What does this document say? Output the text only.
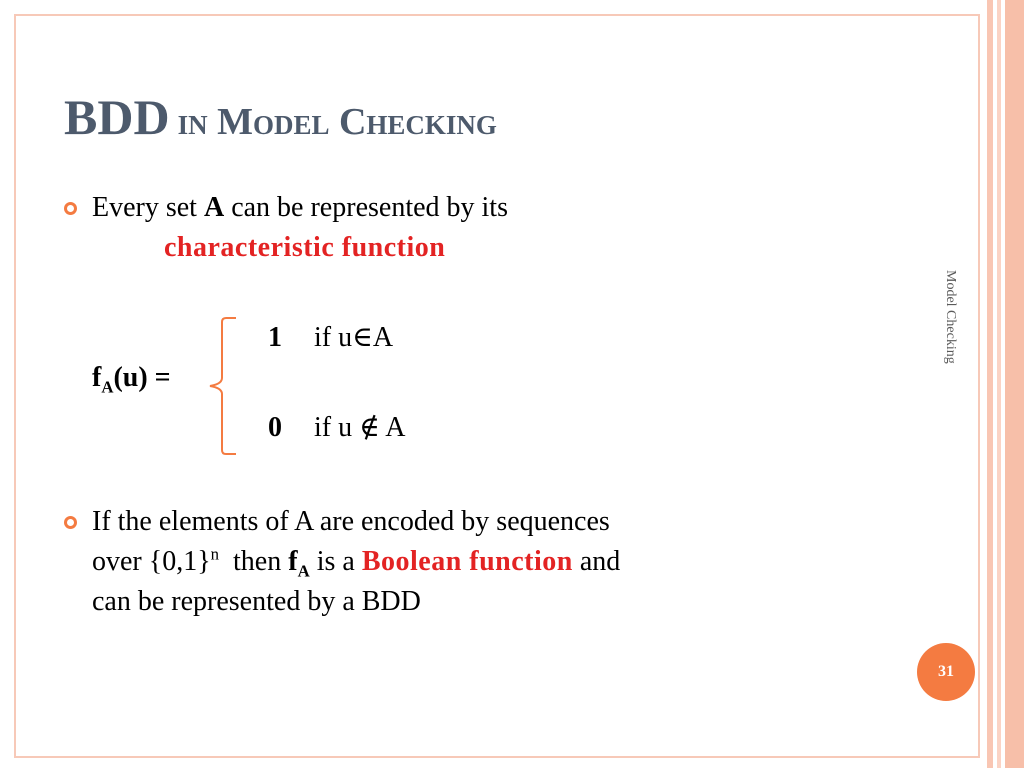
BDD in Model Checking
Every set A can be represented by its
characteristic function
$f_A(u)$ =
1 if u∈A
0 if u ∉ A
If the elements of A are encoded by sequences
over $\{0,1\}^n$  then $f_A$ is a Boolean function and
can be represented by a BDD
Model Checking
31
